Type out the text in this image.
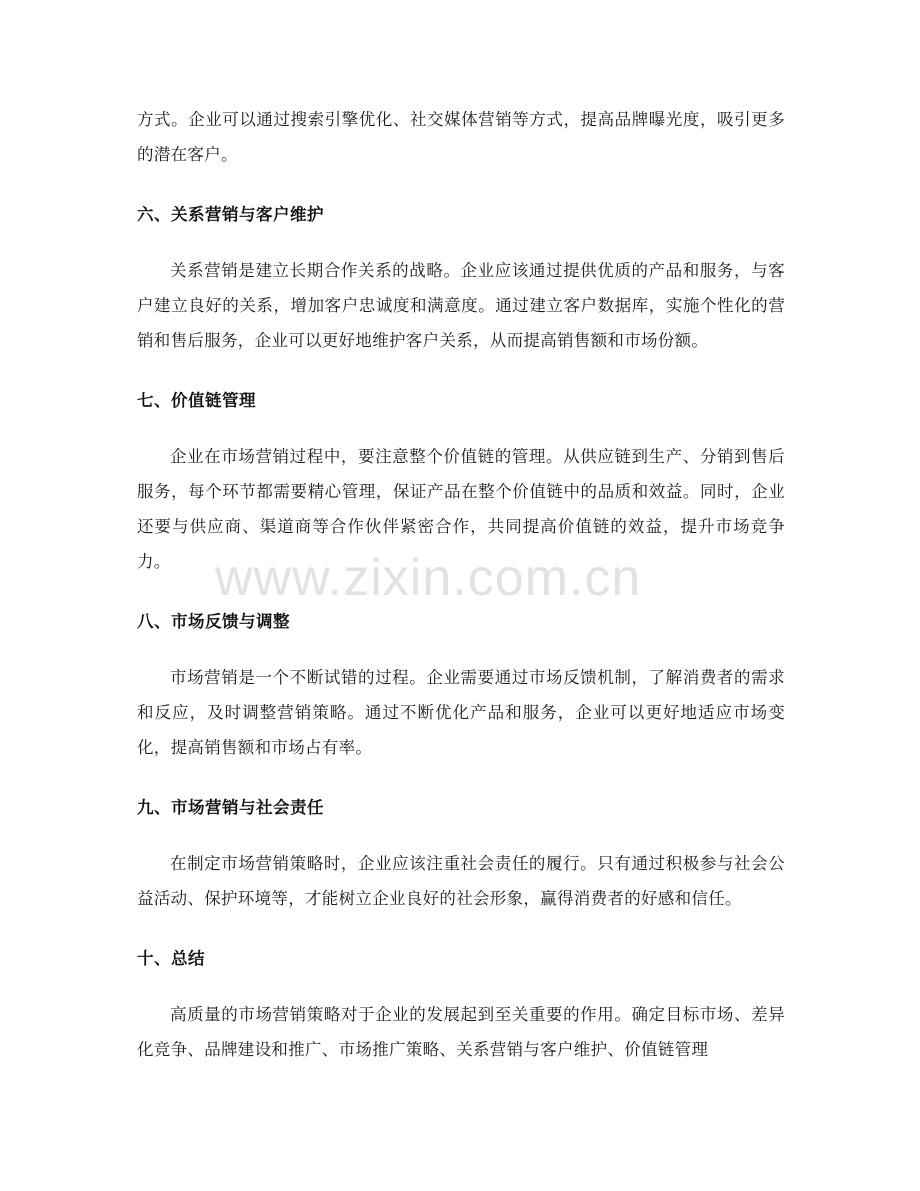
方式。企业可以通过搜索引擎优化、社交媒体营销等方式，提高品牌曝光度，吸引更多的潜在客户。

六、关系营销与客户维护

关系营销是建立长期合作关系的战略。企业应该通过提供优质的产品和服务，与客户建立良好的关系，增加客户忠诚度和满意度。通过建立客户数据库，实施个性化的营销和售后服务，企业可以更好地维护客户关系，从而提高销售额和市场份额。

七、价值链管理

企业在市场营销过程中，要注意整个价值链的管理。从供应链到生产、分销到售后服务，每个环节都需要精心管理，保证产品在整个价值链中的品质和效益。同时，企业还要与供应商、渠道商等合作伙伴紧密合作，共同提高价值链的效益，提升市场竞争力。

八、市场反馈与调整

市场营销是一个不断试错的过程。企业需要通过市场反馈机制，了解消费者的需求和反应，及时调整营销策略。通过不断优化产品和服务，企业可以更好地适应市场变化，提高销售额和市场占有率。

九、市场营销与社会责任

在制定市场营销策略时，企业应该注重社会责任的履行。只有通过积极参与社会公益活动、保护环境等，才能树立企业良好的社会形象，赢得消费者的好感和信任。

十、总结

高质量的市场营销策略对于企业的发展起到至关重要的作用。确定目标市场、差异化竞争、品牌建设和推广、市场推广策略、关系营销与客户维护、价值链管理

www.zixin.com.cn
